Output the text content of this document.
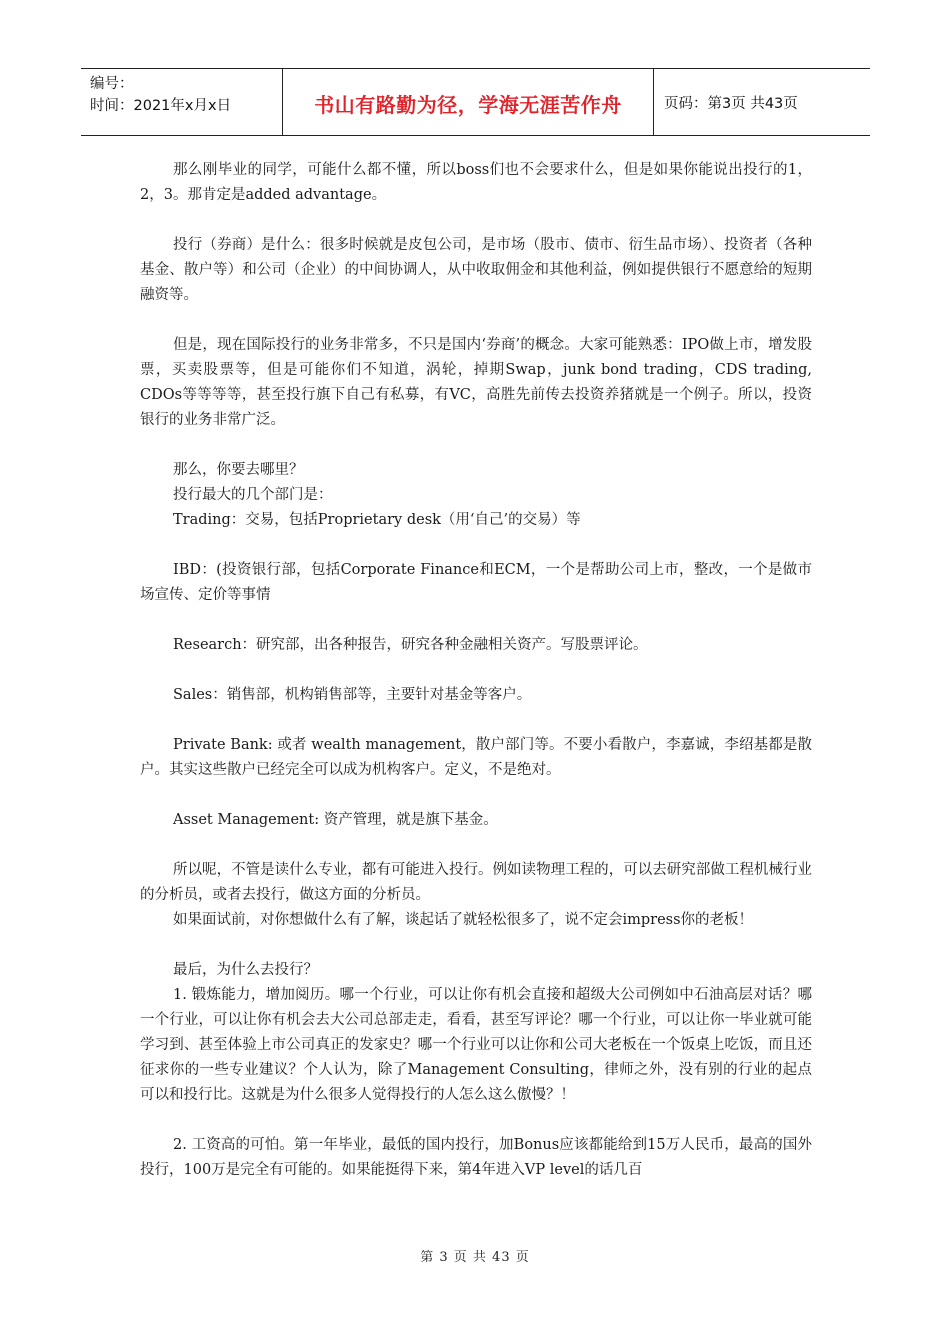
编号：
时间：2021年x月x日	书山有路勤为径，学海无涯苦作舟	页码：第3页 共43页

那么刚毕业的同学，可能什么都不懂，所以boss们也不会要求什么，但是如果你能说出投行的1，2，3。那肯定是added advantage。

投行（券商）是什么：很多时候就是皮包公司，是市场（股市、债市、衍生品市场）、投资者（各种基金、散户等）和公司（企业）的中间协调人，从中收取佣金和其他利益，例如提供银行不愿意给的短期融资等。

但是，现在国际投行的业务非常多，不只是国内‘券商’的概念。大家可能熟悉：IPO做上市，增发股票，买卖股票等，但是可能你们不知道，涡轮，掉期Swap，junk bond trading，CDS trading, CDOs等等等等，甚至投行旗下自己有私募，有VC，高胜先前传去投资养猪就是一个例子。所以，投资银行的业务非常广泛。

那么，你要去哪里？

投行最大的几个部门是：

Trading：交易，包括Proprietary desk（用‘自己’的交易）等

IBD：(投资银行部，包括Corporate Finance和ECM，一个是帮助公司上市，整改，一个是做市场宣传、定价等事情

Research：研究部，出各种报告，研究各种金融相关资产。写股票评论。

Sales：销售部，机构销售部等，主要针对基金等客户。

Private Bank: 或者 wealth management，散户部门等。不要小看散户，李嘉诚，李绍基都是散户。其实这些散户已经完全可以成为机构客户。定义，不是绝对。

Asset Management: 资产管理，就是旗下基金。

所以呢，不管是读什么专业，都有可能进入投行。例如读物理工程的，可以去研究部做工程机械行业的分析员，或者去投行，做这方面的分析员。

如果面试前，对你想做什么有了解，谈起话了就轻松很多了，说不定会impress你的老板！

最后，为什么去投行？

1. 锻炼能力，增加阅历。哪一个行业，可以让你有机会直接和超级大公司例如中石油高层对话？哪一个行业，可以让你有机会去大公司总部走走，看看，甚至写评论？哪一个行业，可以让你一毕业就可能学习到、甚至体验上市公司真正的发家史？哪一个行业可以让你和公司大老板在一个饭桌上吃饭，而且还征求你的一些专业建议？个人认为，除了Management Consulting，律师之外，没有别的行业的起点可以和投行比。这就是为什么很多人觉得投行的人怎么这么傲慢？！

2. 工资高的可怕。第一年毕业，最低的国内投行，加Bonus应该都能给到15万人民币，最高的国外投行，100万是完全有可能的。如果能挺得下来，第4年进入VP level的话几百

第 3 页 共 43 页
